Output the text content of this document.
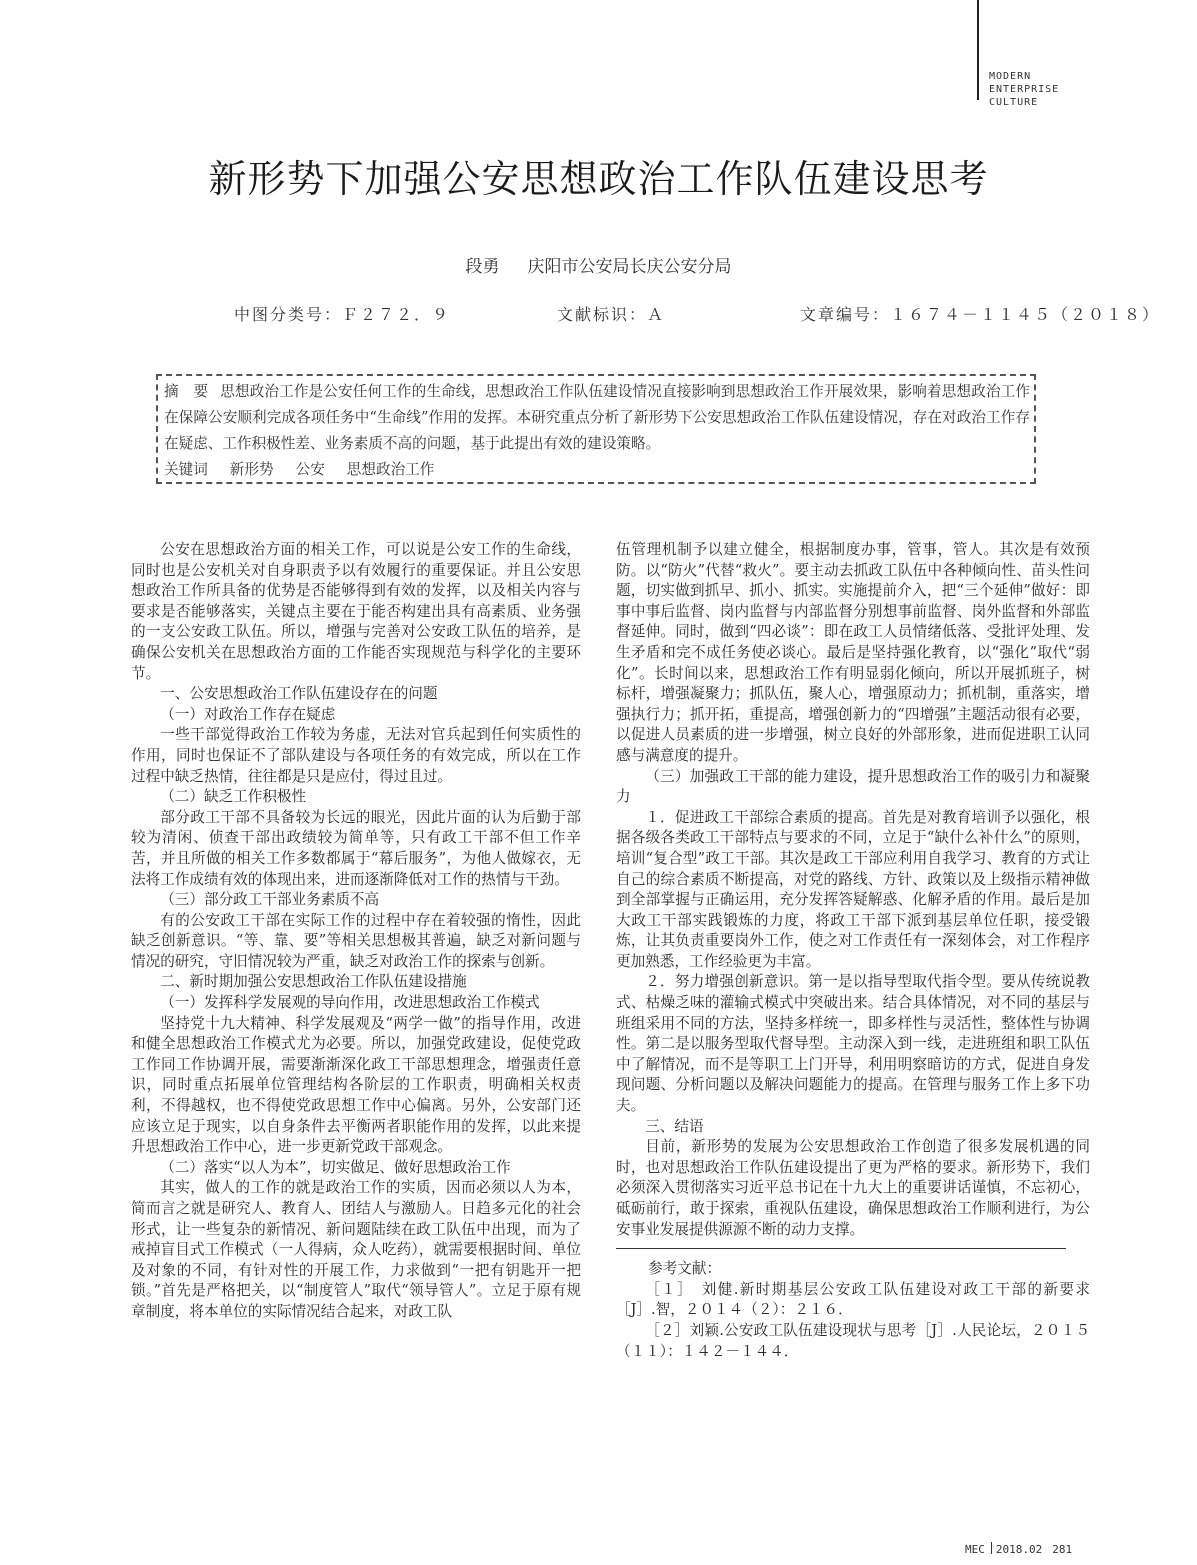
MODERN
ENTERPRISE
CULTURE
新形势下加强公安思想政治工作队伍建设思考
段勇 庆阳市公安局长庆公安分局
中图分类号：Ｆ２７２．９	文献标识：Ａ	文章编号：１６７４－１１４５（２０１８）

摘　要 思想政治工作是公安任何工作的生命线，思想政治工作队伍建设情况直接影响到思想政治工作开展效果，影响着思想政治工作在保障公安顺利完成各项任务中“生命线”作用的发挥。本研究重点分析了新形势下公安思想政治工作队伍建设情况，存在对政治工作存在疑虑、工作积极性差、业务素质不高的问题，基于此提出有效的建设策略。

关键词 新形势 公安 思想政治工作

公安在思想政治方面的相关工作，可以说是公安工作的生命线，同时也是公安机关对自身职责予以有效履行的重要保证。并且公安思想政治工作所具备的优势是否能够得到有效的发挥，以及相关内容与要求是否能够落实，关键点主要在于能否构建出具有高素质、业务强的一支公安政工队伍。所以，增强与完善对公安政工队伍的培养，是确保公安机关在思想政治方面的工作能否实现规范与科学化的主要环节。

一、公安思想政治工作队伍建设存在的问题

（一）对政治工作存在疑虑

一些干部觉得政治工作较为务虚，无法对官兵起到任何实质性的作用，同时也保证不了部队建设与各项任务的有效完成，所以在工作过程中缺乏热情，往往都是只是应付，得过且过。

（二）缺乏工作积极性

部分政工干部不具备较为长远的眼光，因此片面的认为后勤于部较为清闲、侦查干部出政绩较为简单等，只有政工干部不但工作辛苦，并且所做的相关工作多数都属于“幕后服务”，为他人做嫁衣，无法将工作成绩有效的体现出来，进而逐渐降低对工作的热情与干劲。

（三）部分政工干部业务素质不高

有的公安政工干部在实际工作的过程中存在着较强的惰性，因此缺乏创新意识。“等、靠、要”等相关思想极其普遍，缺乏对新问题与情况的研究，守旧情况较为严重，缺乏对政治工作的探索与创新。

二、新时期加强公安思想政治工作队伍建设措施

（一）发挥科学发展观的导向作用，改进思想政治工作模式

坚持党十九大精神、科学发展观及“两学一做”的指导作用，改进和健全思想政治工作模式尤为必要。所以，加强党政建设，促使党政工作同工作协调开展，需要渐渐深化政工干部思想理念，增强责任意识，同时重点拓展单位管理结构各阶层的工作职责，明确相关权责利，不得越权，也不得使党政思想工作中心偏离。另外，公安部门还应该立足于现实，以自身条件去平衡两者职能作用的发挥，以此来提升思想政治工作中心，进一步更新党政干部观念。

（二）落实“以人为本”，切实做足、做好思想政治工作

其实，做人的工作的就是政治工作的实质，因而必须以人为本，简而言之就是研究人、教育人、团结人与激励人。日趋多元化的社会形式，让一些复杂的新情况、新问题陆续在政工队伍中出现，而为了戒掉盲目式工作模式（一人得病，众人吃药），就需要根据时间、单位及对象的不同，有针对性的开展工作，力求做到“一把有钥匙开一把锁。”首先是严格把关，以“制度管人”取代“领导管人”。立足于原有规章制度，将本单位的实际情况结合起来，对政工队

伍管理机制予以建立健全，根据制度办事，管事，管人。其次是有效预防。以“防火”代替“救火”。要主动去抓政工队伍中各种倾向性、苗头性问题，切实做到抓早、抓小、抓实。实施提前介入，把“三个延伸”做好：即事中事后监督、岗内监督与内部监督分别想事前监督、岗外监督和外部监督延伸。同时，做到“四必谈”：即在政工人员情绪低落、受批评处理、发生矛盾和完不成任务使必谈心。最后是坚持强化教育，以“强化”取代“弱化”。长时间以来，思想政治工作有明显弱化倾向，所以开展抓班子，树标杆，增强凝聚力；抓队伍，聚人心，增强原动力；抓机制，重落实，增强执行力；抓开拓，重提高，增强创新力的“四增强”主题活动很有必要，以促进人员素质的进一步增强，树立良好的外部形象，进而促进职工认同感与满意度的提升。

（三）加强政工干部的能力建设，提升思想政治工作的吸引力和凝聚力

１．促进政工干部综合素质的提高。首先是对教育培训予以强化，根据各级各类政工干部特点与要求的不同，立足于“缺什么补什么”的原则，培训“复合型”政工干部。其次是政工干部应利用自我学习、教育的方式让自己的综合素质不断提高，对党的路线、方针、政策以及上级指示精神做到全部掌握与正确运用，充分发挥答疑解惑、化解矛盾的作用。最后是加大政工干部实践锻炼的力度，将政工干部下派到基层单位任职，接受锻炼，让其负责重要岗外工作，使之对工作责任有一深刻体会，对工作程序更加熟悉，工作经验更为丰富。

２．努力增强创新意识。第一是以指导型取代指令型。要从传统说教式、枯燥乏味的灌输式模式中突破出来。结合具体情况，对不同的基层与班组采用不同的方法，坚持多样统一，即多样性与灵活性，整体性与协调性。第二是以服务型取代督导型。主动深入到一线，走进班组和职工队伍中了解情况，而不是等职工上门开导，利用明察暗访的方式，促进自身发现问题、分析问题以及解决问题能力的提高。在管理与服务工作上多下功夫。

三、结语

目前，新形势的发展为公安思想政治工作创造了很多发展机遇的同时，也对思想政治工作队伍建设提出了更为严格的要求。新形势下，我们必须深入贯彻落实习近平总书记在十九大上的重要讲话谨慎，不忘初心，砥砺前行，敢于探索，重视队伍建设，确保思想政治工作顺利进行，为公安事业发展提供源源不断的动力支撑。

参考文献：

［１］　刘健.新时期基层公安政工队伍建设对政工干部的新要求［J］.智，２０１４（２）：２１６．

［２］刘颖.公安政工队伍建设现状与思考［J］.人民论坛，２０１５（１１）：１４２－１４４．

MEC 2018.02 281
